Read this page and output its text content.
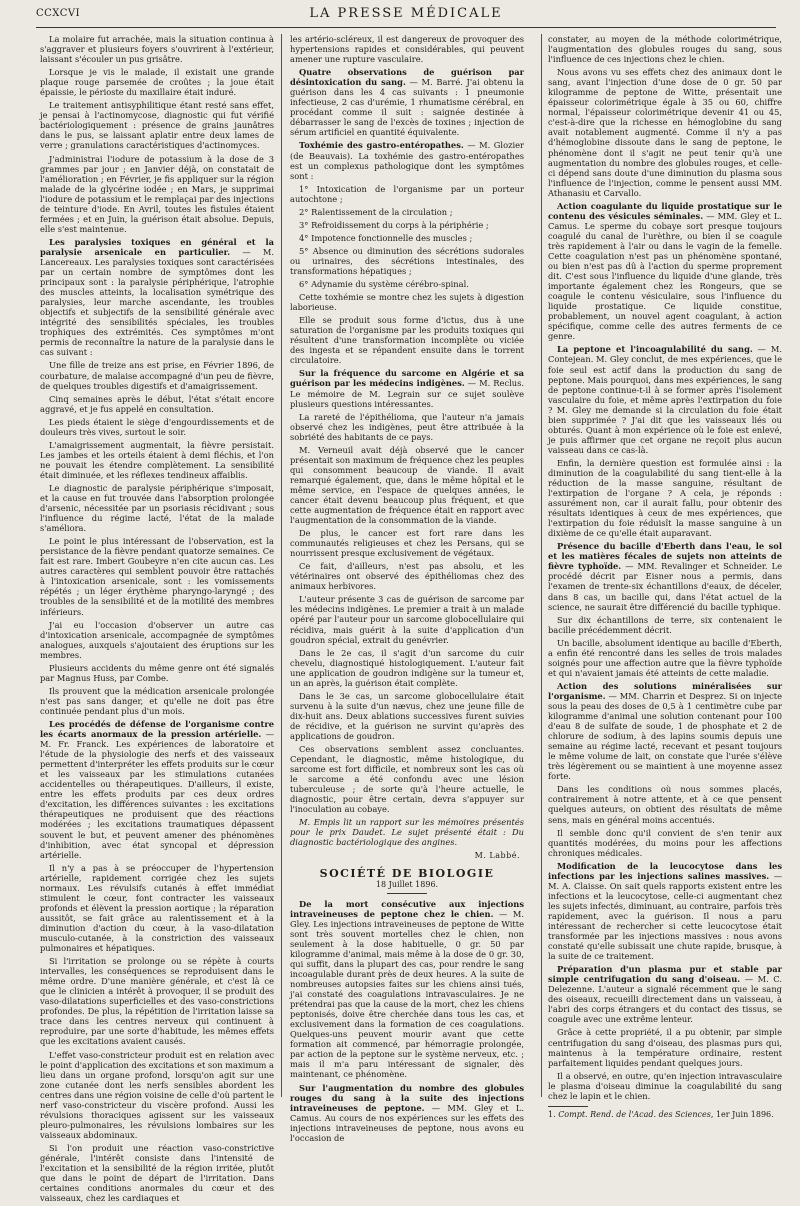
CCXCVI	LA PRESSE MÉDICALE

La molaire fut arrachée, mais la situation continua à s'aggraver et plusieurs foyers s'ouvrirent à l'extérieur, laissant s'écouler un pus grisâtre.

Lorsque je vis le malade, il existait une grande plaque rouge parsemée de croûtes ; la joue était épaissie, le périoste du maxillaire était induré.

Le traitement antisyphilitique étant resté sans effet, je pensai à l'actinomycose, diagnostic qui fut vérifié bactériologiquement : présence de grains jaunâtres dans le pus, se laissant aplatir entre deux lames de verre ; granulations caractéristiques d'actinomyces.

J'administrai l'iodure de potassium à la dose de 3 grammes par jour ; en Janvier déjà, on constatait de l'amélioration ; en Février, je fis appliquer sur la région malade de la glycérine iodée ; en Mars, je supprimai l'iodure de potassium et le remplaçai par des injections de teinture d'iode. En Avril, toutes les fistules étaient fermées ; et en Juin, la guérison était absolue. Depuis, elle s'est maintenue.

Les paralysies toxiques en général et la paralysie arsenicale en particulier. — M. Lancereaux. Les paralysies toxiques sont caractérisées par un certain nombre de symptômes dont les principaux sont : la paralysie périphérique, l'atrophie des muscles atteints, la localisation symétrique des paralysies, leur marche ascendante, les troubles objectifs et subjectifs de la sensibilité générale avec intégrité des sensibilités spéciales, les troubles trophiques des extrémités. Ces symptômes m'ont permis de reconnaître la nature de la paralysie dans le cas suivant :

Une fille de treize ans est prise, en Février 1896, de courbature, de malaise accompagné d'un peu de fièvre, de quelques troubles digestifs et d'amaigrissement.

Cinq semaines après le début, l'état s'était encore aggravé, et je fus appelé en consultation.

Les pieds étaient le siège d'engourdissements et de douleurs très vives, surtout le soir.

L'amaigrissement augmentait, la fièvre persistait. Les jambes et les orteils étaient à demi fléchis, et l'on ne pouvait les étendre complètement. La sensibilité était diminuée, et les réflexes tendineux affaiblis.

Le diagnostic de paralysie périphérique s'imposait, et la cause en fut trouvée dans l'absorption prolongée d'arsenic, nécessitée par un psoriasis récidivant ; sous l'influence du régime lacté, l'état de la malade s'améliora.

Le point le plus intéressant de l'observation, est la persistance de la fièvre pendant quatorze semaines. Ce fait est rare. Imbert Goubeyre n'en cite aucun cas. Les autres caractères qui semblent pouvoir être rattachés à l'intoxication arsenicale, sont : les vomissements répétés ; un léger érythème pharyngo-laryngé ; des troubles de la sensibilité et de la motilité des membres inférieurs.

J'ai eu l'occasion d'observer un autre cas d'intoxication arsenicale, accompagnée de symptômes analogues, auxquels s'ajoutaient des éruptions sur les membres.

Plusieurs accidents du même genre ont été signalés par Magnus Huss, par Combe.

Ils prouvent que la médication arsenicale prolongée n'est pas sans danger, et qu'elle ne doit pas être continuée pendant plus d'un mois.

Les procédés de défense de l'organisme contre les écarts anormaux de la pression artérielle. — M. Fr. Franck. Les expériences de laboratoire et l'étude de la physiologie des nerfs et des vaisseaux permettent d'interpréter les effets produits sur le cœur et les vaisseaux par les stimulations cutanées accidentelles ou thérapeutiques. D'ailleurs, il existe, entre les effets produits par ces deux ordres d'excitation, les différences suivantes : les excitations thérapeutiques ne produisent que des réactions modérées ; les excitations traumatiques dépassent souvent le but, et peuvent amener des phénomènes d'inhibition, avec état syncopal et dépression artérielle.

Il n'y a pas à se préoccuper de l'hypertension artérielle, rapidement corrigée chez les sujets normaux. Les révulsifs cutanés à effet immédiat stimulent le cœur, font contracter les vaisseaux profonds et élèvent la pression aortique ; la réparation aussitôt, se fait grâce au ralentissement et à la diminution d'action du cœur, à la vaso-dilatation musculo-cutanée, à la constriction des vaisseaux pulmonaires et hépatiques.

Si l'irritation se prolonge ou se répète à courts intervalles, les conséquences se reproduisent dans le même ordre. D'une manière générale, et c'est là ce que le clinicien a intérêt à provoquer, il se produit des vaso-dilatations superficielles et des vaso-constrictions profondes. De plus, la répétition de l'irritation laisse sa trace dans les centres nerveux qui continuent à reproduire, par une sorte d'habitude, les mêmes effets que les excitations avaient causés.

L'effet vaso-constricteur produit est en relation avec le point d'application des excitations et son maximum a lieu dans un organe profond, lorsqu'on agit sur une zone cutanée dont les nerfs sensibles abordent les centres dans une région voisine de celle d'où partent le nerf vaso-constricteur du viscère profond. Aussi les révulsions thoraciques agissent sur les vaisseaux pleuro-pulmonaires, les révulsions lombaires sur les vaisseaux abdominaux.

Si l'on produit une réaction vaso-constrictive générale, l'intérêt consiste dans l'intensité de l'excitation et la sensibilité de la région irritée, plutôt que dans le point de départ de l'irritation. Dans certaines conditions anormales du cœur et des vaisseaux, chez les cardiaques et

les artério-scléreux, il est dangereux de provoquer des hypertensions rapides et considérables, qui peuvent amener une rupture vasculaire.

Quatre observations de guérison par désintoxication du sang. — M. Barré. J'ai obtenu la guérison dans les 4 cas suivants : 1 pneumonie infectieuse, 2 cas d'urémie, 1 rhumatisme cérébral, en procédant comme il suit : saignée destinée à débarrasser le sang de l'excès de toxines ; injection de sérum artificiel en quantité équivalente.

Toxhémie des gastro-entéropathes. — M. Glozier (de Beauvais). La toxhémie des gastro-entéropathes est un complexus pathologique dont les symptômes sont :

1° Intoxication de l'organisme par un porteur autochtone ;

2° Ralentissement de la circulation ;

3° Refroidissement du corps à la périphérie ;

4° Impotence fonctionnelle des muscles ;

5° Absence ou diminution des sécrétions sudorales ou urinaires, des sécrétions intestinales, des transformations hépatiques ;

6° Adynamie du système cérébro-spinal.

Cette toxhémie se montre chez les sujets à digestion laborieuse.

Elle se produit sous forme d'ictus, dus à une saturation de l'organisme par les produits toxiques qui résultent d'une transformation incomplète ou viciée des ingesta et se répandent ensuite dans le torrent circulatoire.

Sur la fréquence du sarcome en Algérie et sa guérison par les médecins indigènes. — M. Reclus. Le mémoire de M. Legrain sur ce sujet soulève plusieurs questions intéressantes.

La rareté de l'épithélioma, que l'auteur n'a jamais observé chez les indigènes, peut être attribuée à la sobriété des habitants de ce pays.

M. Verneuil avait déjà observé que le cancer présentait son maximum de fréquence chez les peuples qui consomment beaucoup de viande. Il avait remarqué également, que, dans le même hôpital et le même service, en l'espace de quelques années, le cancer était devenu beaucoup plus fréquent, et que cette augmentation de fréquence était en rapport avec l'augmentation de la consommation de la viande.

De plus, le cancer est fort rare dans les communautés religieuses et chez les Persans, qui se nourrissent presque exclusivement de végétaux.

Ce fait, d'ailleurs, n'est pas absolu, et les vétérinaires ont observé des épithéliomas chez des animaux herbivores.

L'auteur présente 3 cas de guérison de sarcome par les médecins indigènes. Le premier a trait à un malade opéré par l'auteur pour un sarcome globocellulaire qui récidiva, mais guérit à la suite d'application d'un goudron spécial, extrait du genévrier.

Dans le 2e cas, il s'agit d'un sarcome du cuir chevelu, diagnostiqué histologiquement. L'auteur fait une application de goudron indigène sur la tumeur et, un an après, la guérison était complète.

Dans le 3e cas, un sarcome globocellulaire était survenu à la suite d'un nævus, chez une jeune fille de dix-huit ans. Deux ablations successives furent suivies de récidive, et la guérison ne survint qu'après des applications de goudron.

Ces observations semblent assez concluantes. Cependant, le diagnostic, même histologique, du sarcome est fort difficile, et nombreux sont les cas où le sarcome a été confondu avec une lésion tuberculeuse ; de sorte qu'à l'heure actuelle, le diagnostic, pour être certain, devra s'appuyer sur l'inoculation au cobaye.

M. Empis lit un rapport sur les mémoires présentés pour le prix Daudet. Le sujet présenté était : Du diagnostic bactériologique des angines.

M. Labbé.
SOCIÉTÉ DE BIOLOGIE
18 Juillet 1896.

De la mort consécutive aux injections intraveineuses de peptone chez le chien. — M. Gley. Les injections intraveineuses de peptone de Witte sont très souvent mortelles chez le chien, non seulement à la dose habituelle, 0 gr. 50 par kilogramme d'animal, mais même à la dose de 0 gr. 30, qui suffit, dans la plupart des cas, pour rendre le sang incoagulable durant près de deux heures. A la suite de nombreuses autopsies faites sur les chiens ainsi tués, j'ai constaté des coagulations intravasculaires. Je ne prétendrai pas que la cause de la mort, chez les chiens peptonisés, doive être cherchée dans tous les cas, et exclusivement dans la formation de ces coagulations. Quelques-uns peuvent mourir avant que cette formation ait commencé, par hémorragie prolongée, par action de la peptone sur le système nerveux, etc. ; mais il m'a paru intéressant de signaler, dès maintenant, ce phénomène.

Sur l'augmentation du nombre des globules rouges du sang à la suite des injections intraveineuses de peptone. — MM. Gley et L. Camus. Au cours de nos expériences sur les effets des injections intraveineuses de peptone, nous avons eu l'occasion de

constater, au moyen de la méthode colorimétrique, l'augmentation des globules rouges du sang, sous l'influence de ces injections chez le chien.

Nous avons vu ses effets chez des animaux dont le sang, avant l'injection d'une dose de 0 gr. 50 par kilogramme de peptone de Witte, présentait une épaisseur colorimétrique égale à 35 ou 60, chiffre normal, l'épaisseur colorimétrique devenir 41 ou 45, c'est-à-dire que la richesse en hémoglobine du sang avait notablement augmenté. Comme il n'y a pas d'hémoglobine dissoute dans le sang de peptone, le phénomène dont il s'agit ne peut tenir qu'à une augmentation du nombre des globules rouges, et celle-ci dépend sans doute d'une diminution du plasma sous l'influence de l'injection, comme le pensent aussi MM. Athanasiu et Carvallo.

Action coagulante du liquide prostatique sur le contenu des vésicules séminales. — MM. Gley et L. Camus. Le sperme du cobaye sort presque toujours coagulé du canal de l'urèthre, ou bien il se coagule très rapidement à l'air ou dans le vagin de la femelle. Cette coagulation n'est pas un phénomène spontané, ou bien n'est pas dû à l'action du sperme proprement dit. C'est sous l'influence du liquide d'une glande, très importante également chez les Rongeurs, que se coagule le contenu vésiculaire, sous l'influence du liquide prostatique. Ce liquide constitue, probablement, un nouvel agent coagulant, à action spécifique, comme celle des autres ferments de ce genre.

La peptone et l'incoagulabilité du sang. — M. Contejean. M. Gley conclut, de mes expériences, que le foie seul est actif dans la production du sang de peptone. Mais pourquoi, dans mes expériences, le sang de peptone continue-t-il à se former après l'isolement vasculaire du foie, et même après l'extirpation du foie ? M. Gley me demande si la circulation du foie était bien supprimée ? J'ai dit que les vaisseaux liés ou obturés. Quant à mon expérience où le foie est enlevé, je puis affirmer que cet organe ne reçoit plus aucun vaisseau dans ce cas-là.

Enfin, la dernière question est formulée ainsi : la diminution de la coagulabilité du sang tient-elle à la réduction de la masse sanguine, résultant de l'extirpation de l'organe ? A cela, je réponds : assurément non, car il aurait fallu, pour obtenir des résultats identiques à ceux de mes expériences, que l'extirpation du foie réduisît la masse sanguine à un dixième de ce qu'elle était auparavant.

Présence du bacille d'Eberth dans l'eau, le sol et les matières fécales de sujets non atteints de fièvre typhoïde. — MM. Revalinger et Schneider. Le procédé décrit par Eisner nous a permis, dans l'examen de trente-six échantillons d'eaux, de déceler, dans 8 cas, un bacille qui, dans l'état actuel de la science, ne saurait être différencié du bacille typhique.

Sur dix échantillons de terre, six contenaient le bacille précédemment décrit.

Un bacille, absolument identique au bacille d'Eberth, a enfin été rencontré dans les selles de trois malades soignés pour une affection autre que la fièvre typhoïde et qui n'avaient jamais été atteints de cette maladie.

Action des solutions minéralisées sur l'organisme. — MM. Charrin et Desprez. Si on injecte sous la peau des doses de 0,5 à 1 centimètre cube par kilogramme d'animal une solution contenant pour 100 d'eau 8 de sulfate de soude, 1 de phosphate et 2 de chlorure de sodium, à des lapins soumis depuis une semaine au régime lacté, recevant et pesant toujours le même volume de lait, on constate que l'urée s'élève très légèrement ou se maintient à une moyenne assez forte.

Dans les conditions où nous sommes placés, contrairement à notre attente, et à ce que pensent quelques auteurs, on obtient des résultats de même sens, mais en général moins accentués.

Il semble donc qu'il convient de s'en tenir aux quantités modérées, du moins pour les affections chroniques médicales.

Modification de la leucocytose dans les infections par les injections salines massives. — M. A. Claisse. On sait quels rapports existent entre les infections et la leucocytose, celle-ci augmentant chez les sujets infectés, diminuant, au contraire, parfois très rapidement, avec la guérison. Il nous a paru intéressant de rechercher si cette leucocytose était transformée par les injections massives : nous avons constaté qu'elle subissait une chute rapide, brusque, à la suite de ce traitement.

Préparation d'un plasma pur et stable par simple centrifugation du sang d'oiseau. — M. C. Delezenne. L'auteur a signalé récemment que le sang des oiseaux, recueilli directement dans un vaisseau, à l'abri des corps étrangers et du contact des tissus, se coagule avec une extrême lenteur.

Grâce à cette propriété, il a pu obtenir, par simple centrifugation du sang d'oiseau, des plasmas purs qui, maintenus à la température ordinaire, restent parfaitement liquides pendant quelques jours.

Il a observé, en outre, qu'en injection intravasculaire le plasma d'oiseau diminue la coagulabilité du sang chez le lapin et le chien.

1. Compt. Rend. de l'Acad. des Sciences, 1er Juin 1896.
